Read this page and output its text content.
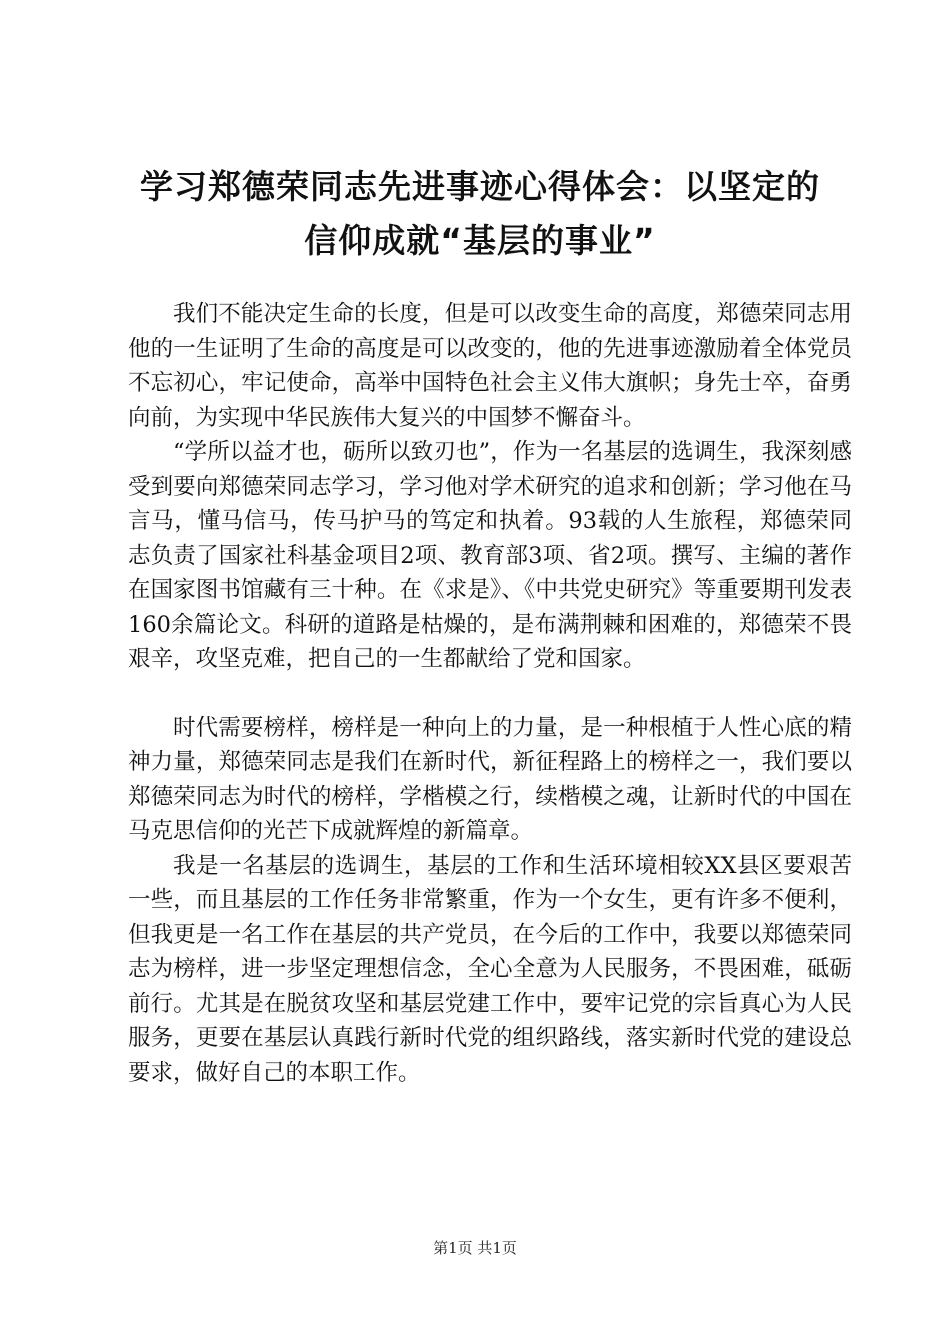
学习郑德荣同志先进事迹心得体会：以坚定的
信仰成就“基层的事业”

我们不能决定生命的长度，但是可以改变生命的高度，郑德荣同志用他的一生证明了生命的高度是可以改变的，他的先进事迹激励着全体党员不忘初心，牢记使命，高举中国特色社会主义伟大旗帜；身先士卒，奋勇向前，为实现中华民族伟大复兴的中国梦不懈奋斗。

“学所以益才也，砺所以致刃也”，作为一名基层的选调生，我深刻感受到要向郑德荣同志学习，学习他对学术研究的追求和创新；学习他在马言马，懂马信马，传马护马的笃定和执着。93载的人生旅程，郑德荣同志负责了国家社科基金项目2项、教育部3项、省2项。撰写、主编的著作在国家图书馆藏有三十种。在《求是》、《中共党史研究》等重要期刊发表160余篇论文。科研的道路是枯燥的，是布满荆棘和困难的，郑德荣不畏艰辛，攻坚克难，把自己的一生都献给了党和国家。

时代需要榜样，榜样是一种向上的力量，是一种根植于人性心底的精神力量，郑德荣同志是我们在新时代，新征程路上的榜样之一，我们要以郑德荣同志为时代的榜样，学楷模之行，续楷模之魂，让新时代的中国在马克思信仰的光芒下成就辉煌的新篇章。

我是一名基层的选调生，基层的工作和生活环境相较XX县区要艰苦一些，而且基层的工作任务非常繁重，作为一个女生，更有许多不便利，但我更是一名工作在基层的共产党员，在今后的工作中，我要以郑德荣同志为榜样，进一步坚定理想信念，全心全意为人民服务，不畏困难，砥砺前行。尤其是在脱贫攻坚和基层党建工作中，要牢记党的宗旨真心为人民服务，更要在基层认真践行新时代党的组织路线，落实新时代党的建设总要求，做好自己的本职工作。

第1页 共1页
